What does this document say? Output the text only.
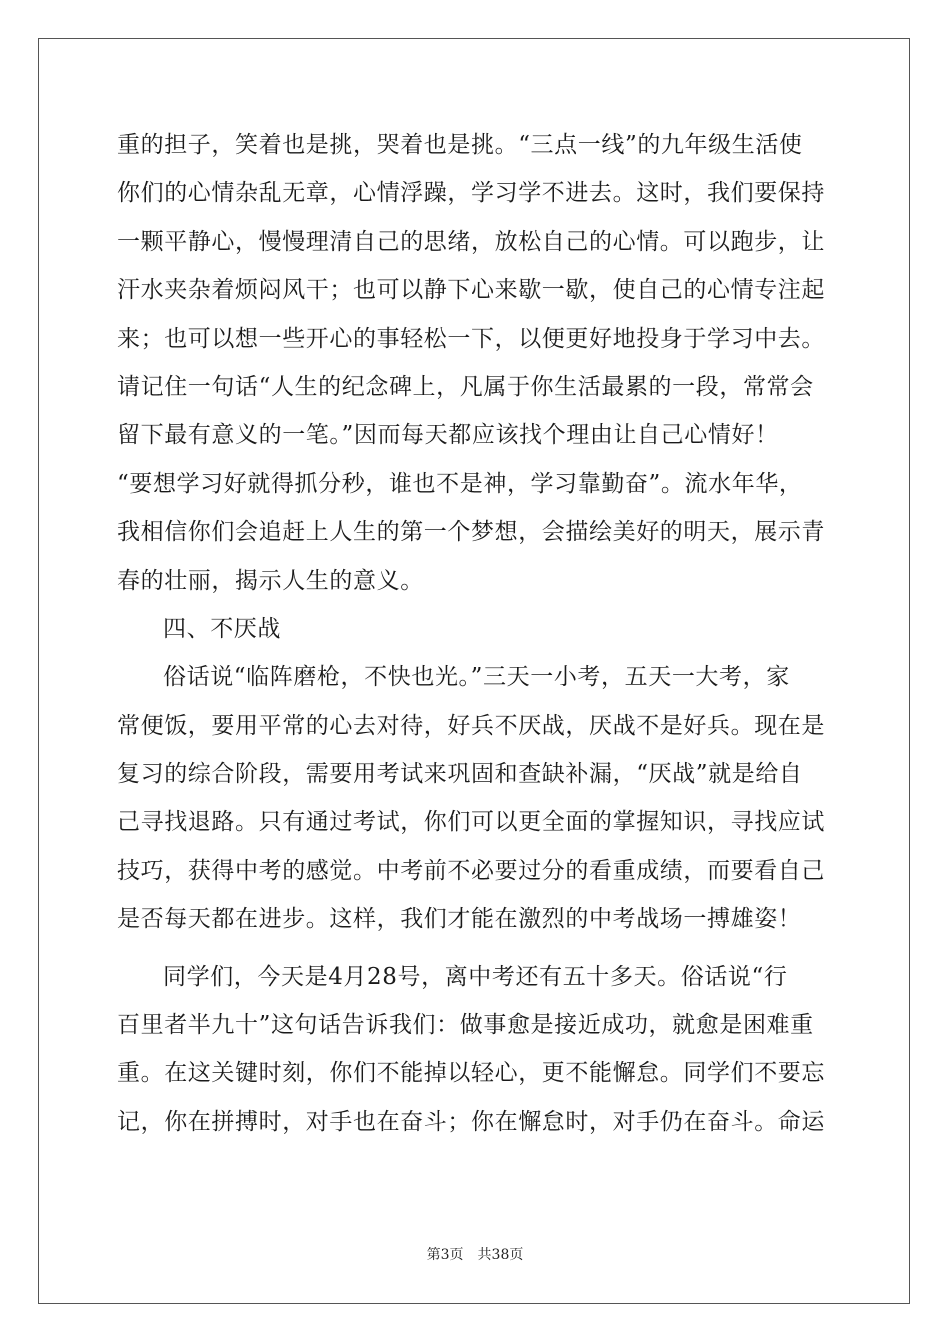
重的担子，笑着也是挑，哭着也是挑。“三点一线”的九年级生活使
你们的心情杂乱无章，心情浮躁，学习学不进去。这时，我们要保持
一颗平静心，慢慢理清自己的思绪，放松自己的心情。可以跑步，让
汗水夹杂着烦闷风干；也可以静下心来歇一歇，使自己的心情专注起
来；也可以想一些开心的事轻松一下，以便更好地投身于学习中去。
请记住一句话“人生的纪念碑上，凡属于你生活最累的一段，常常会
留下最有意义的一笔。”因而每天都应该找个理由让自己心情好！
“要想学习好就得抓分秒，谁也不是神，学习靠勤奋”。流水年华，
我相信你们会追赶上人生的第一个梦想，会描绘美好的明天，展示青
春的壮丽，揭示人生的意义。
四、不厌战
俗话说“临阵磨枪，不快也光。”三天一小考，五天一大考，家
常便饭，要用平常的心去对待，好兵不厌战，厌战不是好兵。现在是
复习的综合阶段，需要用考试来巩固和查缺补漏，“厌战”就是给自
己寻找退路。只有通过考试，你们可以更全面的掌握知识，寻找应试
技巧，获得中考的感觉。中考前不必要过分的看重成绩，而要看自己
是否每天都在进步。这样，我们才能在激烈的中考战场一搏雄姿！
同学们，今天是4月28号，离中考还有五十多天。俗话说“行
百里者半九十”这句话告诉我们：做事愈是接近成功，就愈是困难重
重。在这关键时刻，你们不能掉以轻心，更不能懈怠。同学们不要忘
记，你在拼搏时，对手也在奋斗；你在懈怠时，对手仍在奋斗。命运
第3页 共38页
